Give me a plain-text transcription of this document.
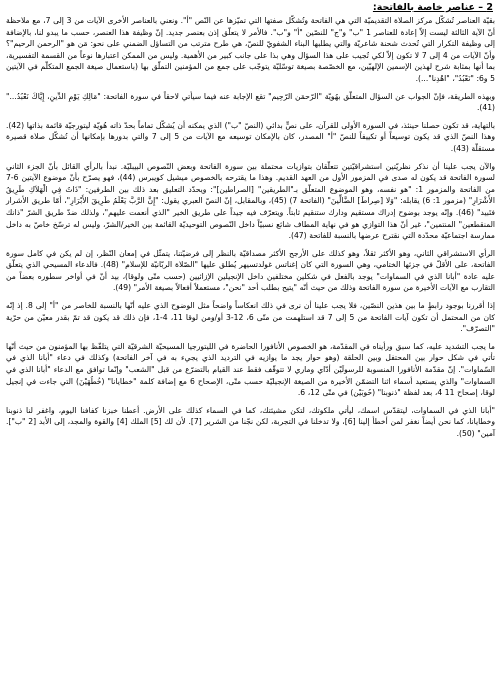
2 – عناصر خاصة بالفاتحة:

بقيّة العناصر تُشكّل مركز الصلاة التقديميّة التي هي الفاتحة وتُشكّل صفتها التي تميّزها عن النّص "أ". ونعني بالعناصر الأخرى الآيات من 3 إلى 7، مع ملاحظة أنّ الآية الثالثة ليست إلاّ إعادة للعناصر 1 "ب" و"ج" للنصّين "أ" و"ب". فالأمر لا يتعلّق إذن بعنصر جديد. إنّ وظيفة هذا العنصر، حسب ما يبدو لنا، بالإضافة إلى وظيفة التكرار التي تُحدث شحنة شاعريّة والتي يطلبها البناء الشفويّ للنصّ، هي طرح مترتب من التساؤل الضمني على نحو: مَن هو "الرحمن الرحيم"؟ وأنّ الآيات من 4 إلى 7 لا تكون إلاّ لكي تُجيب على هذا السؤال وهي بذا على جانب كبير من الأهمية. وليس من الممكن اعتبارها نوعاً من القسمة التفسيرية، بما أنها بمثابة شرح لهذين الإسمين الإلهيّين، مع الخصّصة بصيغة توسّليّة يتوجّب على جمع من المؤمنين التملّق بها (باستعمال صيغة الجمع المتكلّم في الآيتين 5 و6: "نَعْبُدُ"، "اهْدِنا"...).

وبهذه الطريقة، فإنّ الجواب عن السؤال المتعلّق بهُويّة "الرّحمَن الرّحِيم" تقع الإجابة عنه فيما سيأتي لاحقاً في سورة الفاتحة: "مَالِكِ يَوْمِ الدِّينِ، إِيَّاكَ نَعْبُدُ..." (41).

بالتهاية، قد تكون حصلنا حينئذ، في السورة الأولى للقرآن، على نصٍّ بدائي (النصّ "ب") الذي يمكنه أن يُشكّل تماماً بحدّ ذاته هُويّة ليتورجيّة قائمة بذاتها (42). وهذا النصّ الذي قد يكون توسيعاً أو تكييفاً للنصّ "أ" المصدر، كان بالإمكان توسيعه مع الآيات من 5 إلى 7 والتي بدورها بإمكانها أن تُشكّل صلاة قصيرة مستقلّة (43).

والآن يجب علينا أن نذكر نظريّتين استشراقيّتين تتعلّقان بتوازيات محتملة بين سورة الفاتحة وبعض النّصوص البيبليّة. نبدأ بالرأي القائل بأنّ الجزء الثاني لسورة الفاتحة قد يكون له صدى في المزمور الأول من العهد القديم. وهذا ما يقترحه بالخصوص ميشيل كويبرس (44)، فهو يصرّح بأنّ موضوع الآيتين 6-7 من الفاتحة والمزمور 1: "هو نفسه، وهو الموضوع المتعلّق بـ"الطريقين" [الصراطين]": ويحدّد التعليق بعد ذلك بين الطرفين: "ذَاتُ فِي الْهَلاَكِ طَرِيقُ الأَشْرَارِ" (مزمور 1: 6) يقابله: "وَلا [صِراطَ] الضَّالِّينَ" (الفاتحة 7) (45)، وبالمقابل، إنّ النصّ العبري يقول: "إِنَّ الرَّبَّ يَعْلَمُ طَرِيقَ الأَبْرَارِ"، أمّا طريق الأشرار فتَبيد" (46). وإنّه يوجد بوضوح إدراك مستقيم ودارك ستنقيم ثابتاً. ويتعرّف فيه جيداً على طريق الخير "الذي أنعمت عليهم"، ولذلك ضدّ طريق الشرّ "ذانك المنقطعين" المنتمين"، غير أنّ هذا التوازي هو في نهاية المطاف شائع نسبيّاً داخل النّصوص التوحيديّة القائمة بين الخير/الشرّ، وليس له ترسّخ خاصّ به داخل ممارسة اجتماعيّة محدّدة التي نقترح عرضها بالنسبة للفاتحة (47).

الرأي الاستشراقي الثاني، وهو الأكثر ثقلاً، وهو كذلك على الأرجح الأكثر مصداقيّة بالنظر إلى فرضيّتنا، يتمثّل في إمعان النّظر، إن لم يكن في كامل سورة الفاتحة، على الأقلّ في جزئها الختامي، وهي السورة التي كان إغناتس غولدتسيهر يُطلق عليها "الصّلاة الربّانيّة للإسلام" (48). فالدعاء المسيحي الذي يتعلّق عليه عادة "أبانا الذي في السماوات" يوجد بالفعل في شكلين مختلفين داخل الإنجيلين الإزائيين (حسب متّى ولوقا)، بيد أنّ في أواخر سطوره بعضاً من التقارب مع الآيات الأخيرة من سورة الفاتحة وذلك من حيث أنّه "يتيح بطلب أحد "نحن"، مستعملاً أفعالاً بصيغة الأمر" (49).

إذا أقررنا بوجود رابطٍ ما بين هذين النصّين، فلا يجب علينا أن نرى في ذلك انعكاساً واضحاً مثل الوضوح الذي عليه أنّها بالنسبة للخاصر من "أ" إلى 8. إذ إنّه كان من المحتمل أن تكون آيات الفاتحة من 5 إلى 7 قد استلهمت من متّى 6، 12-3 أو/ومن لوقا 11، 4-1، فإن ذلك قد يكون قد تمّ بقدر معيّن من حرّية "التصرّف".

ما يجب التشديد عليه، كما سبق ورأيناه في المقدّمة، هو الخصوص الأنافورا الحاضرة في الليتورجيا المسيحيّة الشرقيّة التي يتلفّظ بها المؤمنون من حيث أنّها تأتي في شكل حوار بين المحتفل وبين الحلقة (وهو حوار يجد ما يوازيه في الترديد الذي يجيء به في آخر الفاتحة) وكذلك في دعاء "أبانا الذي في السّماوات". إنّ مقدّمة الأنافورا المنسوبة للرسولَيْن أدّاي وماري لا تتوقّف فقط عند القيام بالتضرّع من قبل "الشعب" وإنّما توافق مع الدعاء "أبانا الذي في السماوات" والذي يستعيد أسماء اثنا التضمّن الأخيرة من الصيغة الإنجيليّة حسب متّى، الإصحاح 6 مع إضافة كلمة "خطايانا" (خُطُهَيْنَ) التي جاءت في إنجيل لوقا، إصحاح 11 4، بعد لفظة "ذنوبنا" (حُوبَيْن) في متّى 12، 6.

"أبانا الذي في السماوات، ليتقدّس اسمك، ليأتي ملكوتك، لتكن مشيئتك، كما في السماء كذلك على الأرض. أعطنا خبزنا كفافنا اليوم، واغفر لنا ذنوبنا وخطايانا، كما نحن أيضاً نغفر لمن أخطأ إلينا [6]، ولا تدخلنا في التجربة، لكن نجّنا من الشرير [7]. لأن لك [5] الملك [4] والقوة والمجد، إلى الأبد [2 "ب"]. آمين" (50).
